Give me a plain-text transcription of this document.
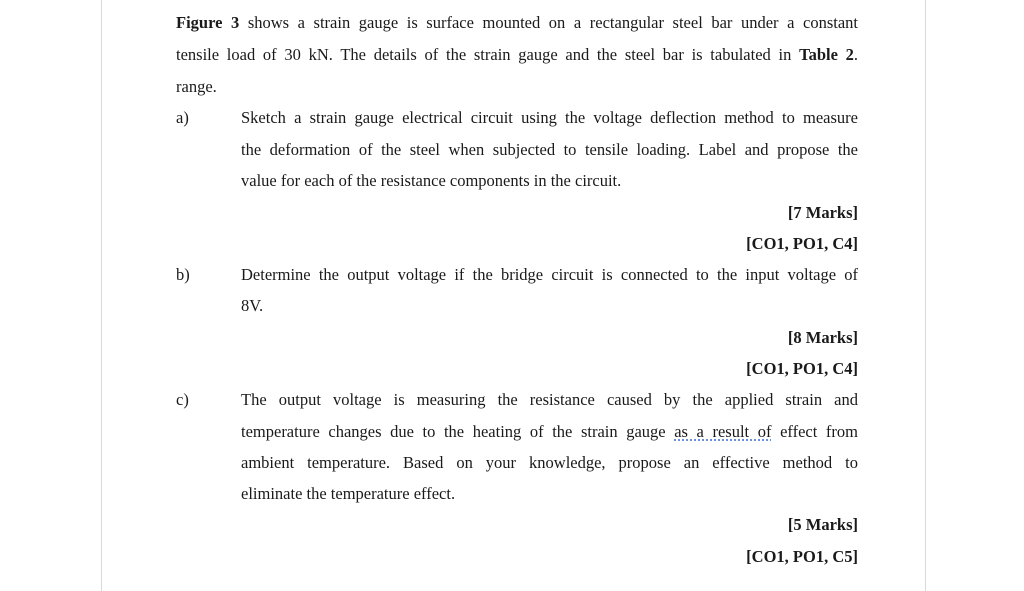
Figure 3 shows a strain gauge is surface mounted on a rectangular steel bar under a constant
tensile load of 30 kN. The details of the strain gauge and the steel bar is tabulated in Table 2.
range.
a)	Sketch a strain gauge electrical circuit using the voltage deflection method to measure
the deformation of the steel when subjected to tensile loading. Label and propose the
value for each of the resistance components in the circuit.
[7 Marks]
[CO1, PO1, C4]
b)	Determine the output voltage if the bridge circuit is connected to the input voltage of
8V.
[8 Marks]
[CO1, PO1, C4]
c)	The output voltage is measuring the resistance caused by the applied strain and
temperature changes due to the heating of the strain gauge as a result of effect from
ambient temperature. Based on your knowledge, propose an effective method to
eliminate the temperature effect.
[5 Marks]
[CO1, PO1, C5]
